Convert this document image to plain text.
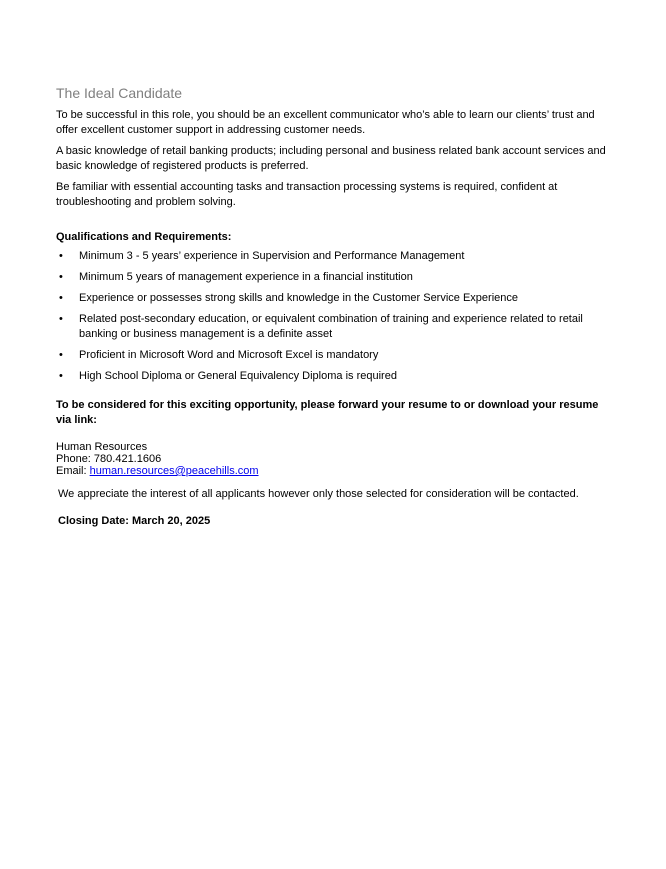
The Ideal Candidate
To be successful in this role, you should be an excellent communicator who’s able to learn our clients’ trust and offer excellent customer support in addressing customer needs.
A basic knowledge of retail banking products; including personal and business related bank account services and basic knowledge of registered products is preferred.
Be familiar with essential accounting tasks and transaction processing systems is required, confident at troubleshooting and problem solving.
Qualifications and Requirements:
• Minimum 3 - 5 years’ experience in Supervision and Performance Management
• Minimum 5 years of management experience in a financial institution
• Experience or possesses strong skills and knowledge in the Customer Service Experience
• Related post-secondary education, or equivalent combination of training and experience related to retail banking or business management is a definite asset
• Proficient in Microsoft Word and Microsoft Excel is mandatory
• High School Diploma or General Equivalency Diploma is required
To be considered for this exciting opportunity, please forward your resume to or download your resume via link:
Human Resources
Phone: 780.421.1606
Email: human.resources@peacehills.com
We appreciate the interest of all applicants however only those selected for consideration will be contacted.
Closing Date: March 20, 2025
